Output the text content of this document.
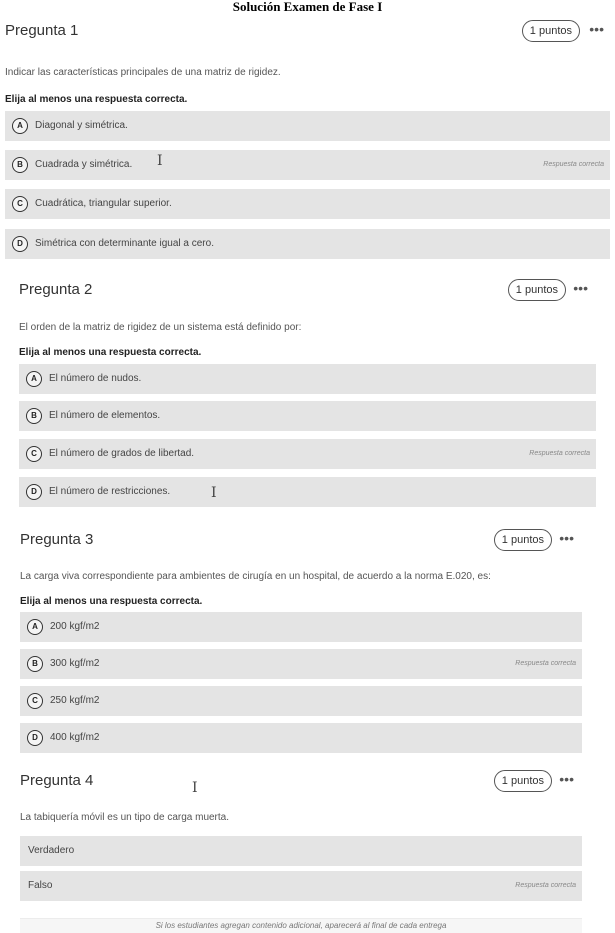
Solución Examen de Fase I
Pregunta 1	1 puntos	•••
Indicar las características principales de una matriz de rigidez.
Elija al menos una respuesta correcta.
A	Diagonal y simétrica.
B	Cuadrada y simétrica.	Respuesta correcta
C	Cuadrática, triangular superior.
D	Simétrica con determinante igual a cero.
I
Pregunta 2	1 puntos	•••
El orden de la matriz de rigidez de un sistema está definido por:
Elija al menos una respuesta correcta.
A	El número de nudos.
B	El número de elementos.
C	El número de grados de libertad.	Respuesta correcta
D	El número de restricciones.	I
Pregunta 3	1 puntos	•••
La carga viva correspondiente para ambientes de cirugía en un hospital, de acuerdo a la norma E.020, es:
Elija al menos una respuesta correcta.
A	200 kgf/m2
B	300 kgf/m2	Respuesta correcta
C	250 kgf/m2
D	400 kgf/m2
Pregunta 4	1 puntos	•••
La tabiquería móvil es un tipo de carga muerta.
Verdadero
Falso	Respuesta correcta
I
Si los estudiantes agregan contenido adicional, aparecerá al final de cada entrega
